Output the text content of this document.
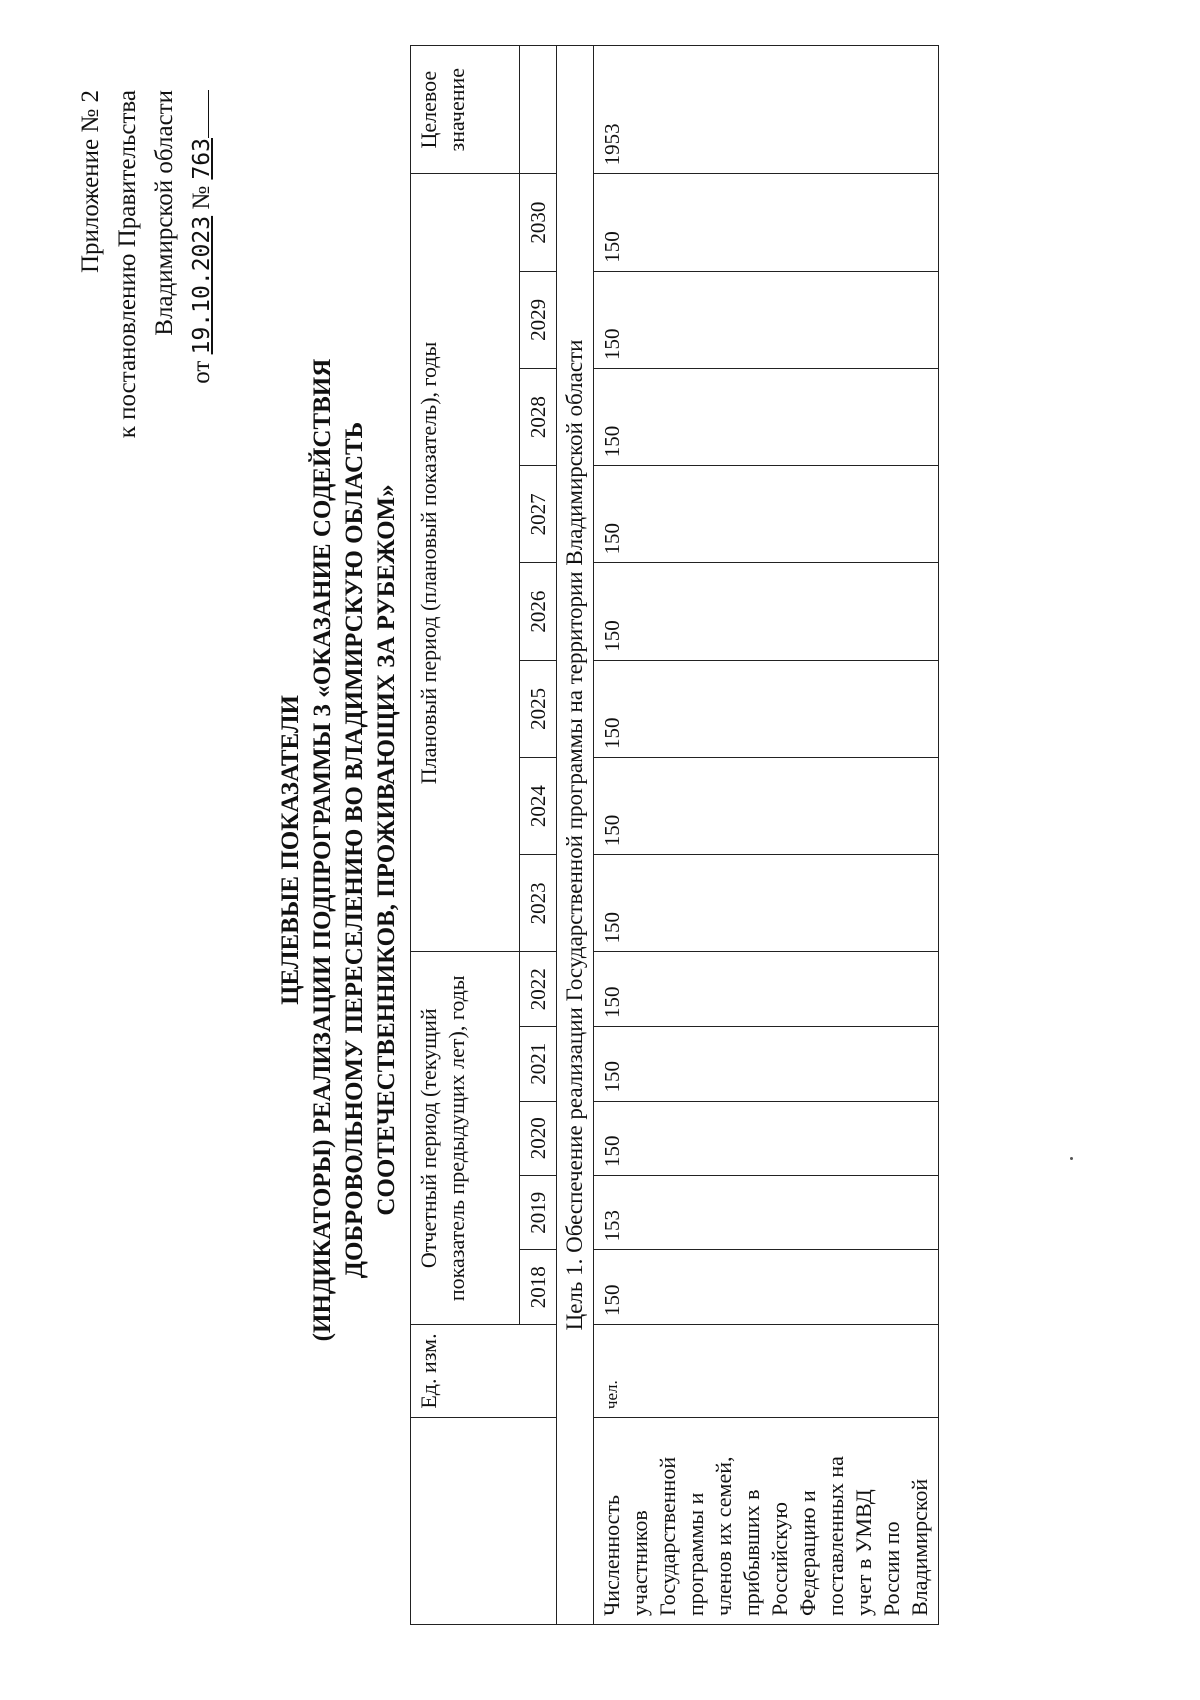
Приложение № 2 к постановлению Правительства Владимирской области
от 19.10.2023 № 763
ЦЕЛЕВЫЕ ПОКАЗАТЕЛИ (ИНДИКАТОРЫ) РЕАЛИЗАЦИИ ПОДПРОГРАММЫ 3 «ОКАЗАНИЕ СОДЕЙСТВИЯ ДОБРОВОЛЬНОМУ ПЕРЕСЕЛЕНИЮ ВО ВЛАДИМИРСКУЮ ОБЛАСТЬ СООТЕЧЕСТВЕННИКОВ, ПРОЖИВАЮЩИХ ЗА РУБЕЖОМ»
	Ед. изм.	Отчетный период (текущий показатель предыдущих лет), годы					Плановый период (плановый показатель), годы								Целевое значение
		2018	2019	2020	2021	2022	2023	2024	2025	2026	2027	2028	2029	2030	
Цель 1. Обеспечение реализации Государственной программы на территории Владимирской области															
Численность участников Государственной программы и членов их семей, прибывших в Российскую Федерацию и поставленных на учет в УМВД России по Владимирской	чел.	150	153	150	150	150	150	150	150	150	150	150	150	150	1953
